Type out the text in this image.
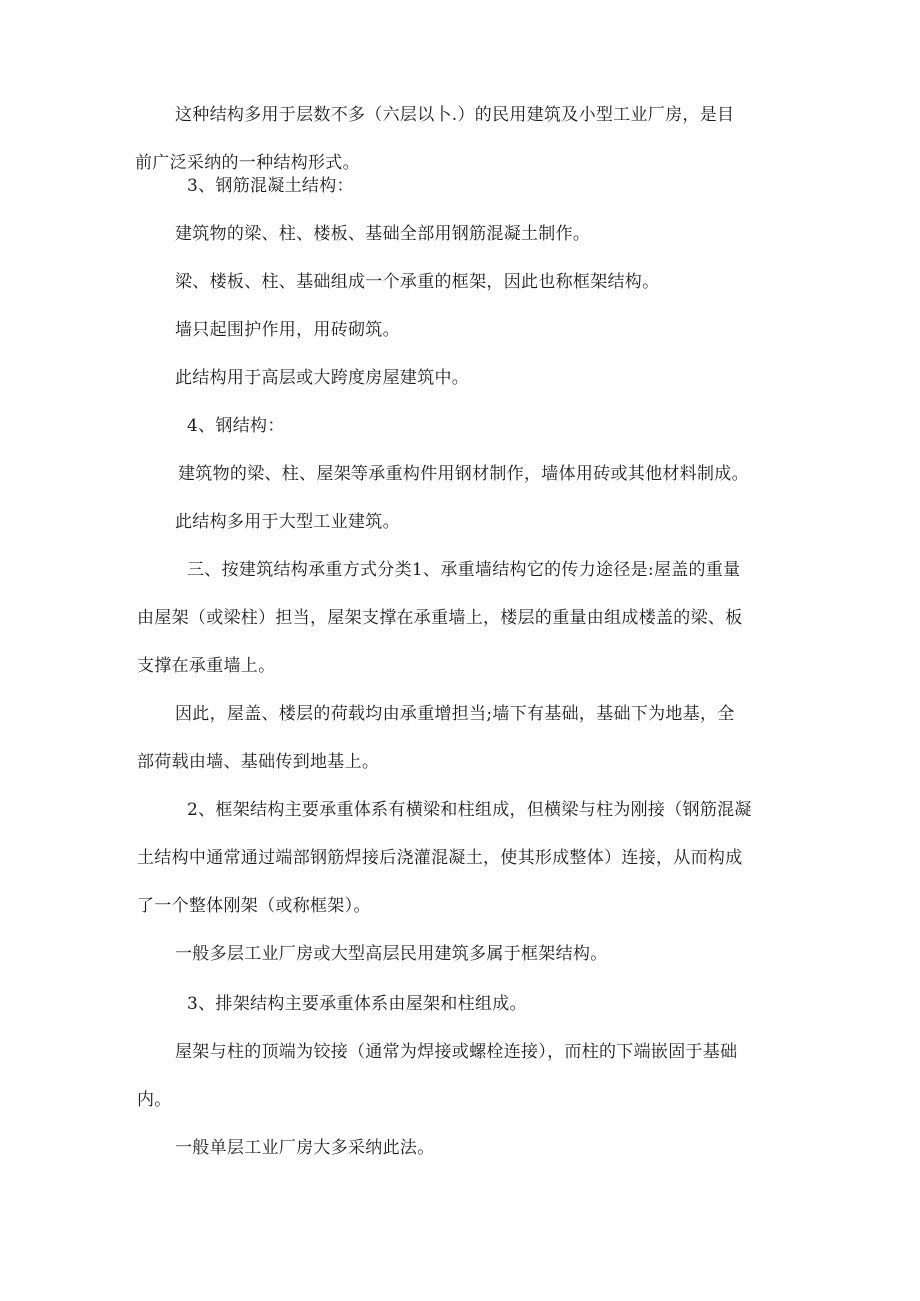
这种结构多用于层数不多（六层以卜.）的民用建筑及小型工业厂房，是目
前广泛采纳的一种结构形式。

3、钢筋混凝土结构：

建筑物的梁、柱、楼板、基础全部用钢筋混凝土制作。

梁、楼板、柱、基础组成一个承重的框架，因此也称框架结构。

墙只起围护作用，用砖砌筑。

此结构用于高层或大跨度房屋建筑中。

4、钢结构：

建筑物的梁、柱、屋架等承重构件用钢材制作，墙体用砖或其他材料制成。

此结构多用于大型工业建筑。

三、按建筑结构承重方式分类1、承重墙结构它的传力途径是:屋盖的重量
由屋架（或梁柱）担当，屋架支撑在承重墙上，楼层的重量由组成楼盖的梁、板
支撑在承重墙上。

因此，屋盖、楼层的荷载均由承重增担当;墙下有基础，基础下为地基，全
部荷载由墙、基础传到地基上。

2、框架结构主要承重体系有横梁和柱组成，但横梁与柱为刚接（钢筋混凝
土结构中通常通过端部钢筋焊接后浇灌混凝土，使其形成整体）连接，从而构成
了一个整体刚架（或称框架）。

一般多层工业厂房或大型高层民用建筑多属于框架结构。

3、排架结构主要承重体系由屋架和柱组成。

屋架与柱的顶端为铰接（通常为焊接或螺栓连接），而柱的下端嵌固于基础
内。

一般单层工业厂房大多采纳此法。
